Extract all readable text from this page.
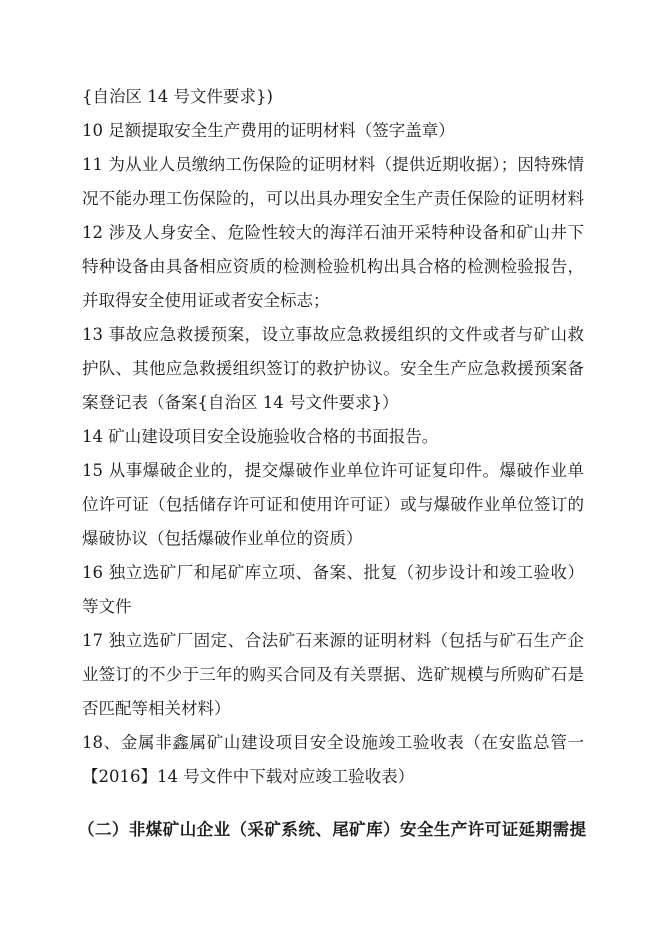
{自治区 14 号文件要求})
10 足额提取安全生产费用的证明材料（签字盖章）
11 为从业人员缴纳工伤保险的证明材料（提供近期收据）；因特殊情
况不能办理工伤保险的，可以出具办理安全生产责任保险的证明材料
12 涉及人身安全、危险性较大的海洋石油开采特种设备和矿山井下
特种设备由具备相应资质的检测检验机构出具合格的检测检验报告，
并取得安全使用证或者安全标志；
13 事故应急救援预案，设立事故应急救援组织的文件或者与矿山救
护队、其他应急救援组织签订的救护协议。安全生产应急救援预案备
案登记表（备案{自治区 14 号文件要求}）
14 矿山建设项目安全设施验收合格的书面报告。
15 从事爆破企业的，提交爆破作业单位许可证复印件。爆破作业单
位许可证（包括储存许可证和使用许可证）或与爆破作业单位签订的
爆破协议（包括爆破作业单位的资质）
16 独立选矿厂和尾矿库立项、备案、批复（初步设计和竣工验收）
等文件
17 独立选矿厂固定、合法矿石来源的证明材料（包括与矿石生产企
业签订的不少于三年的购买合同及有关票据、选矿规模与所购矿石是
否匹配等相关材料）
18、金属非鑫属矿山建设项目安全设施竣工验收表（在安监总管一
【2016】14 号文件中下载对应竣工验收表）
（二）非煤矿山企业（采矿系统、尾矿库）安全生产许可证延期需提
